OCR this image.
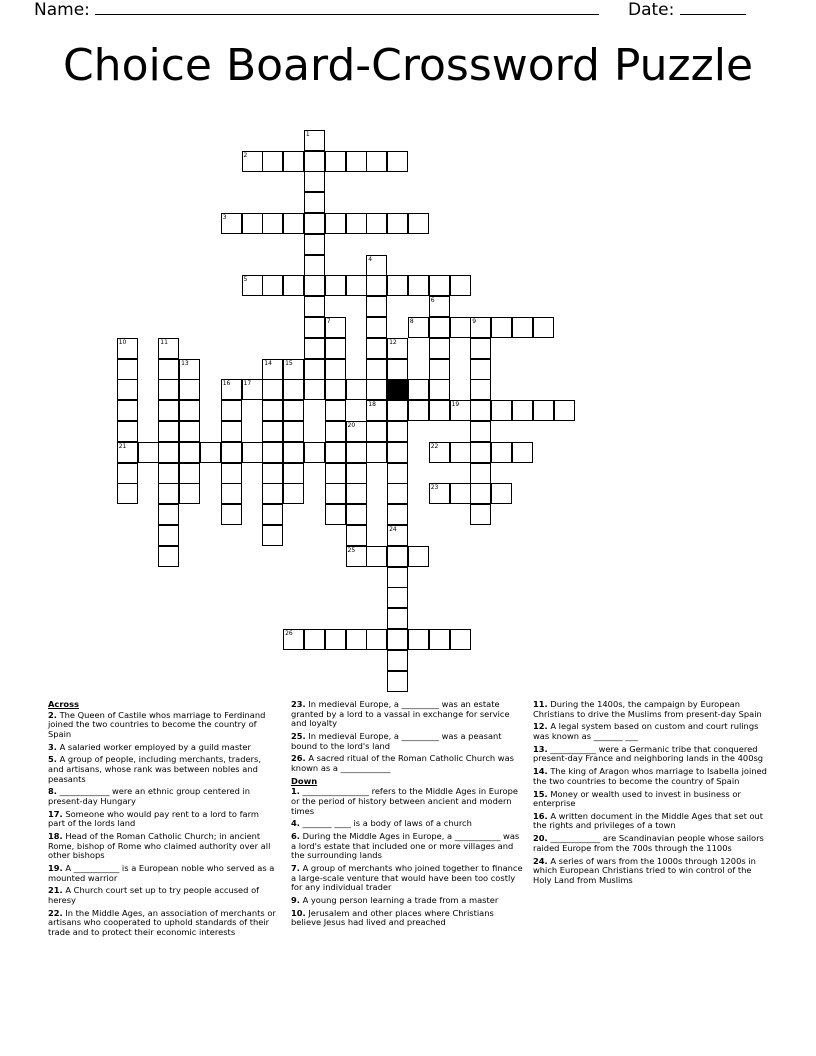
Name:	Date:
Choice Board-Crossword Puzzle
1
2
3
4
18
5
6
7	8	9
10
21
11	12
13	14 15
16 17
19
20
25
22
23
24
26
Across
2. The Queen of Castile whos marriage to Ferdinand joined the two countries to become the country of Spain
3. A salaried worker employed by a guild master
5. A group of people, including merchants, traders, and artisans, whose rank was between nobles and peasants
8. ____________ were an ethnic group centered in present-day Hungary
17. Someone who would pay rent to a lord to farm part of the lords land
18. Head of the Roman Catholic Church; in ancient Rome, bishop of Rome who claimed authority over all other bishops
19. A ___________ is a European noble who served as a mounted warrior
21. A Church court set up to try people accused of heresy
22. In the Middle Ages, an association of merchants or artisans who cooperated to uphold standards of their trade and to protect their economic interests
23. In medieval Europe, a _________ was an estate granted by a lord to a vassal in exchange for service and loyalty
25. In medieval Europe, a _________ was a peasant bound to the lord's land
26. A sacred ritual of the Roman Catholic Church was known as a ____________
Down
1. ________________ refers to the Middle Ages in Europe or the period of history between ancient and modern times
4. _______ ____ is a body of laws of a church
6. During the Middle Ages in Europe, a ___________ was a lord's estate that included one or more villages and the surrounding lands
7. A group of merchants who joined together to finance a large-scale venture that would have been too costly for any individual trader
9. A young person learning a trade from a master
10. Jerusalem and other places where Christians believe Jesus had lived and preached
11. During the 1400s, the campaign by European Christians to drive the Muslims from present-day Spain
12. A legal system based on custom and court rulings was known as _______ ___
13. ___________ were a Germanic tribe that conquered present-day France and neighboring lands in the 400sg
14. The king of Aragon whos marriage to Isabella joined the two countries to become the country of Spain
15. Money or wealth used to invest in business or enterprise
16. A written document in the Middle Ages that set out the rights and privileges of a town
20. ____________ are Scandinavian people whose sailors raided Europe from the 700s through the 1100s
24. A series of wars from the 1000s through 1200s in which European Christians tried to win control of the Holy Land from Muslims
